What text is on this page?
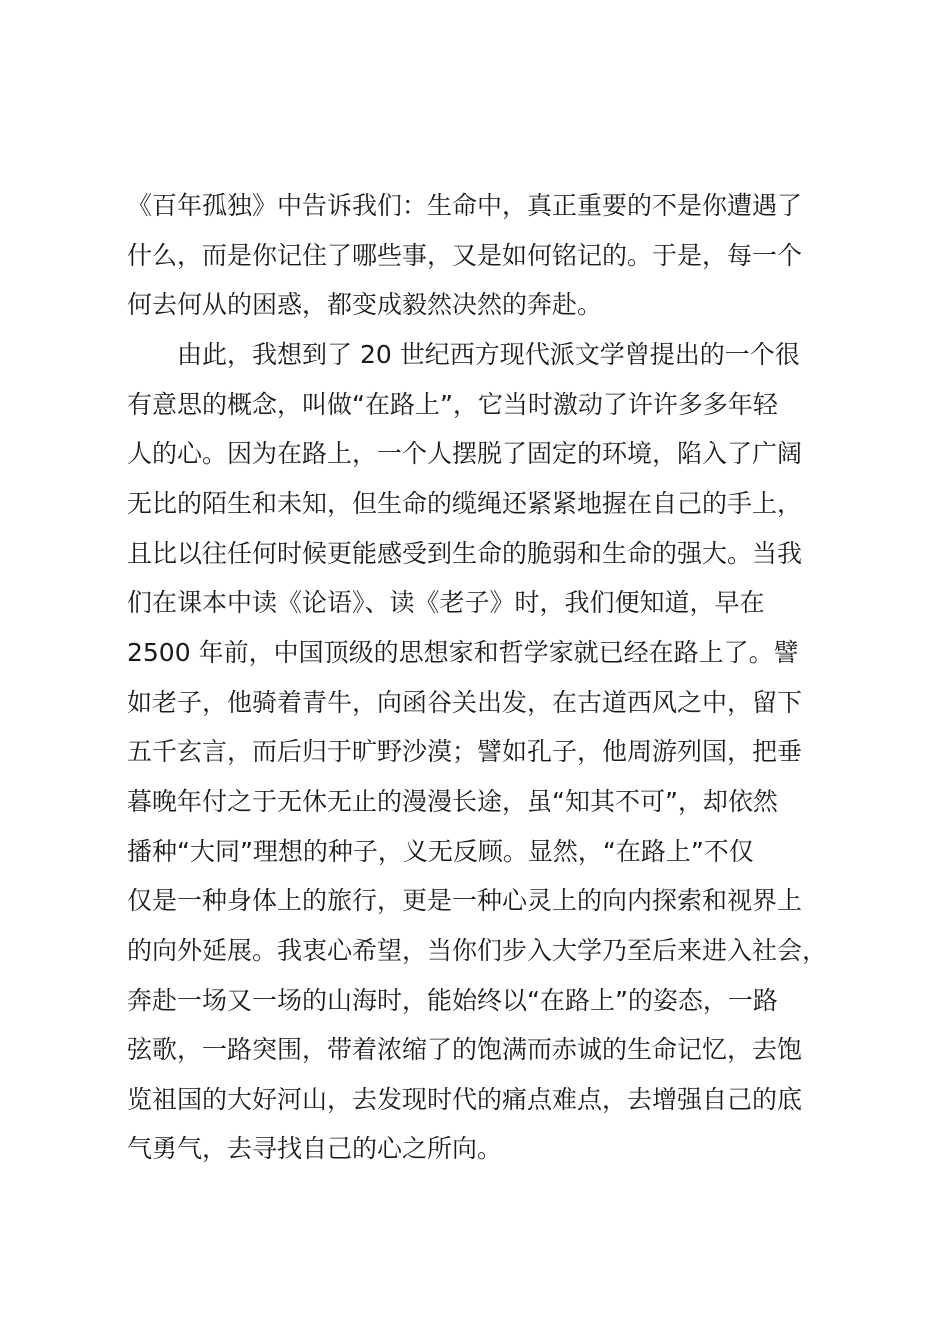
《百年孤独》中告诉我们：生命中，真正重要的不是你遭遇了

什么，而是你记住了哪些事，又是如何铭记的。于是，每一个

何去何从的困惑，都变成毅然决然的奔赴。

由此，我想到了 20 世纪西方现代派文学曾提出的一个很

有意思的概念，叫做“在路上”，它当时激动了许许多多年轻

人的心。因为在路上，一个人摆脱了固定的环境，陷入了广阔

无比的陌生和未知，但生命的缆绳还紧紧地握在自己的手上，

且比以往任何时候更能感受到生命的脆弱和生命的强大。当我

们在课本中读《论语》、读《老子》时，我们便知道，早在

2500 年前，中国顶级的思想家和哲学家就已经在路上了。譬

如老子，他骑着青牛，向函谷关出发，在古道西风之中，留下

五千玄言，而后归于旷野沙漠；譬如孔子，他周游列国，把垂

暮晚年付之于无休无止的漫漫长途，虽“知其不可”，却依然

播种“大同”理想的种子，义无反顾。显然，“在路上”不仅

仅是一种身体上的旅行，更是一种心灵上的向内探索和视界上

的向外延展。我衷心希望，当你们步入大学乃至后来进入社会，

奔赴一场又一场的山海时，能始终以“在路上”的姿态，一路

弦歌，一路突围，带着浓缩了的饱满而赤诚的生命记忆，去饱

览祖国的大好河山，去发现时代的痛点难点，去增强自己的底

气勇气，去寻找自己的心之所向。
